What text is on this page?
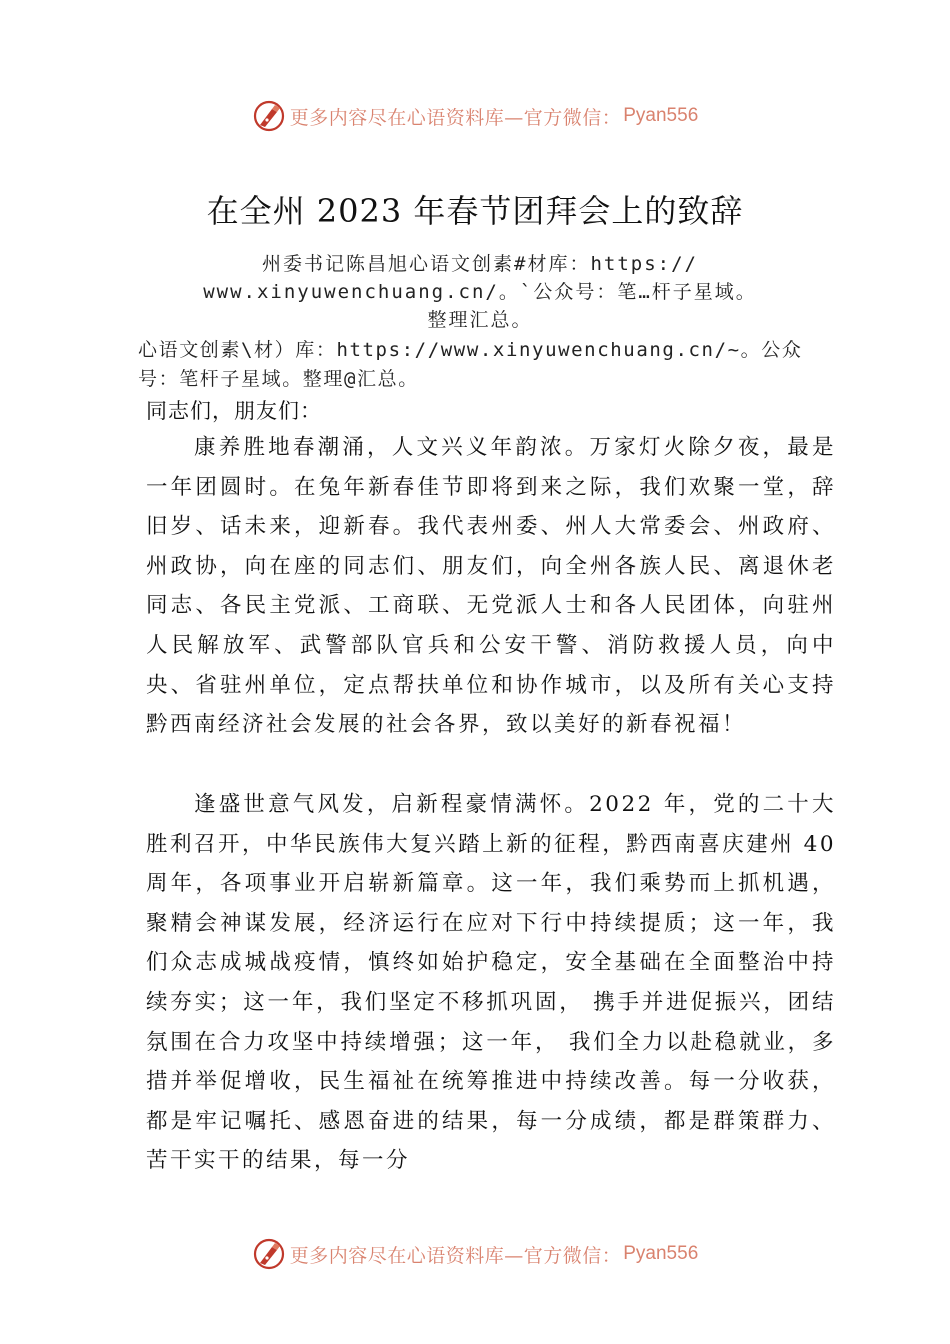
更多内容尽在心语资料库—官方微信： Pyan556
在全州 2023 年春节团拜会上的致辞
州委书记陈昌旭心语文创素#材库：https:// www.xinyuwenchuang.cn/。`公众号：笔…杆子星域。整理汇总。
心语文创素\材）库：https://www.xinyuwenchuang.cn/~。公众号：笔杆子星域。整理@汇总。
同志们，朋友们：

康养胜地春潮涌，人文兴义年韵浓。万家灯火除夕夜，最是一年团圆时。在兔年新春佳节即将到来之际，我们欢聚一堂，辞旧岁、话未来，迎新春。我代表州委、州人大常委会、州政府、州政协，向在座的同志们、朋友们，向全州各族人民、离退休老同志、各民主党派、工商联、无党派人士和各人民团体，向驻州人民解放军、武警部队官兵和公安干警、消防救援人员，向中央、省驻州单位，定点帮扶单位和协作城市，以及所有关心支持黔西南经济社会发展的社会各界，致以美好的新春祝福！

逢盛世意气风发，启新程豪情满怀。2022 年，党的二十大胜利召开，中华民族伟大复兴踏上新的征程，黔西南喜庆建州 40 周年，各项事业开启崭新篇章。这一年，我们乘势而上抓机遇，聚精会神谋发展，经济运行在应对下行中持续提质；这一年，我们众志成城战疫情，慎终如始护稳定，安全基础在全面整治中持续夯实；这一年，我们坚定不移抓巩固， 携手并进促振兴，团结氛围在合力攻坚中持续增强；这一年， 我们全力以赴稳就业，多措并举促增收，民生福祉在统筹推进中持续改善。每一分收获，都是牢记嘱托、感恩奋进的结果，每一分成绩，都是群策群力、苦干实干的结果，每一分

更多内容尽在心语资料库—官方微信： Pyan556
